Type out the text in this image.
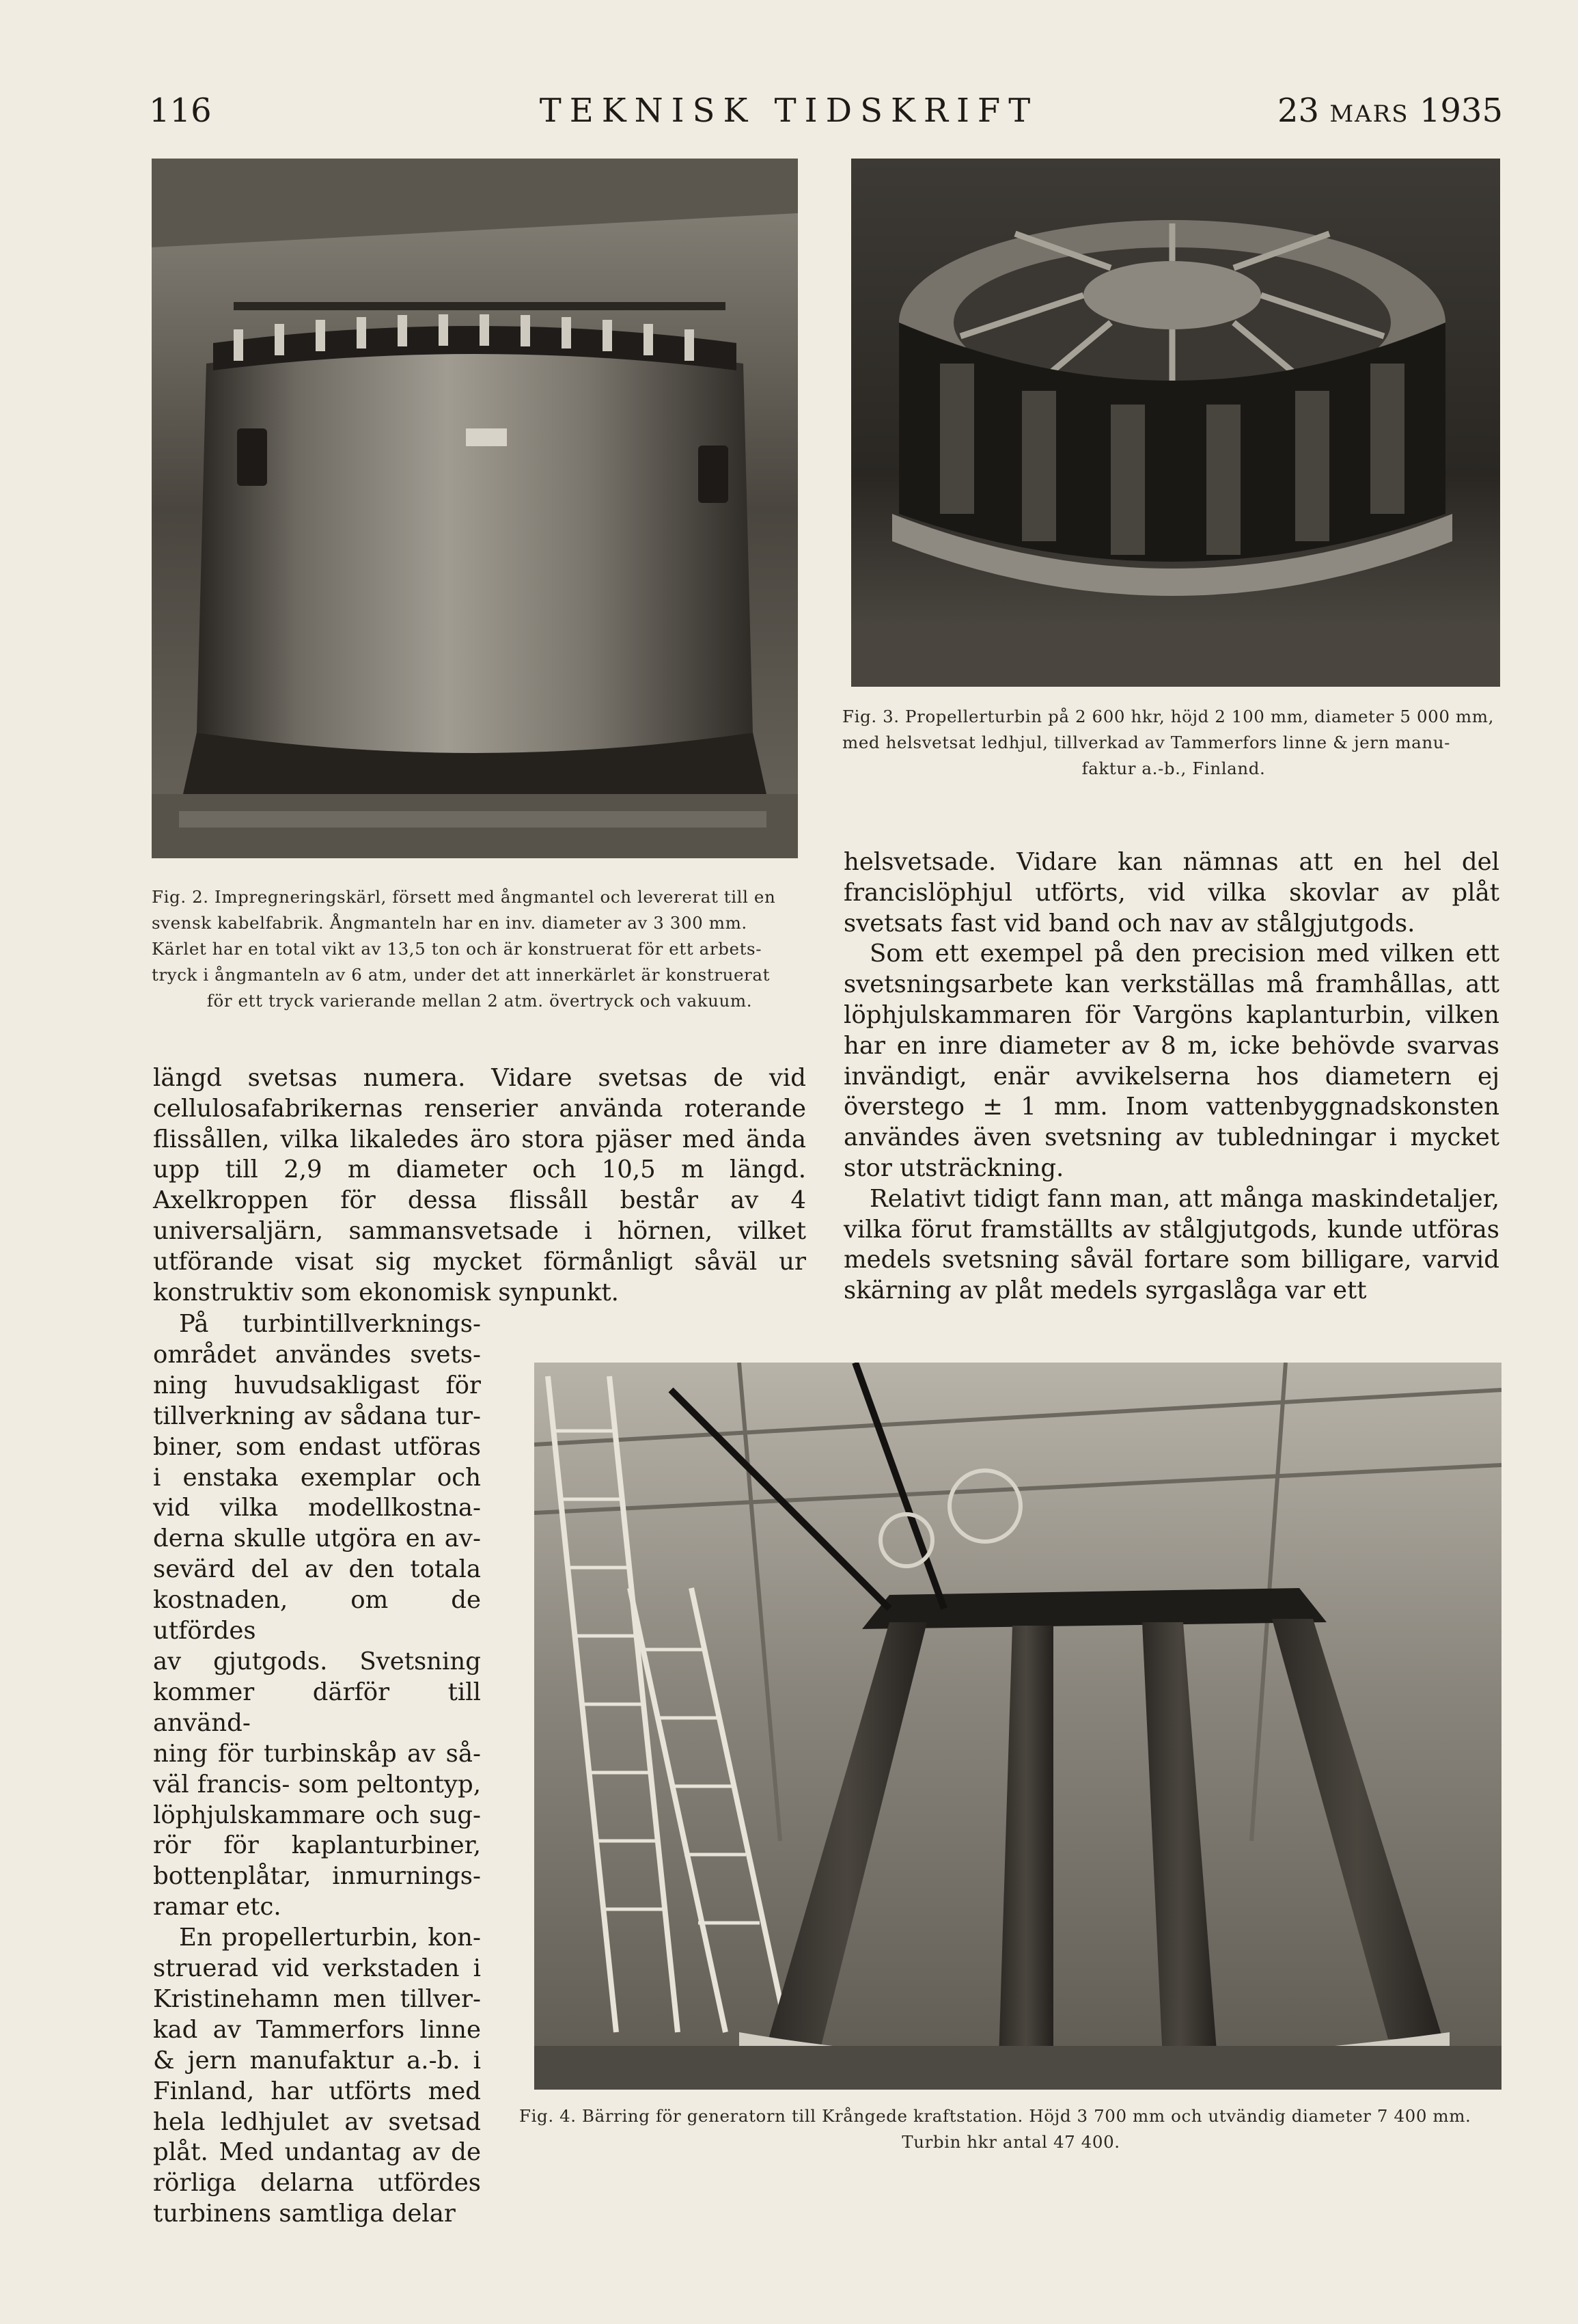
116	TEKNISK TIDSKRIFT	23 MARS 1935
Fig. 2. Impregneringskärl, försett med ångmantel och levererat till en
svensk kabelfabrik. Ångmanteln har en inv. diameter av 3 300 mm.
Kärlet har en total vikt av 13,5 ton och är konstruerat för ett arbets-
tryck i ångmanteln av 6 atm, under det att innerkärlet är konstruerat
för ett tryck varierande mellan 2 atm. övertryck och vakuum.
Fig. 3. Propellerturbin på 2 600 hkr, höjd 2 100 mm, diameter 5 000 mm,
med helsvetsat ledhjul, tillverkad av Tammerfors linne & jern manu-
faktur a.-b., Finland.

helsvetsade. Vidare kan nämnas att en hel del francislöphjul utförts, vid vilka skovlar av plåt svetsats fast vid band och nav av stålgjutgods.

Som ett exempel på den precision med vilken ett svetsningsarbete kan verkställas må framhållas, att löphjulskammaren för Vargöns kaplanturbin, vilken har en inre diameter av 8 m, icke behövde svarvas invändigt, enär avvikelserna hos diametern ej överstego ± 1 mm. Inom vattenbyggnadskonsten användes även svetsning av tubledningar i mycket stor utsträckning.

Relativt tidigt fann man, att många maskindetaljer, vilka förut framställts av stålgjutgods, kunde utföras medels svetsning såväl fortare som billigare, varvid skärning av plåt medels syrgaslåga var ett

längd svetsas numera. Vidare svetsas de vid cellulosafabrikernas renserier använda roterande flissållen, vilka likaledes äro stora pjäser med ända upp till 2,9 m diameter och 10,5 m längd. Axelkroppen för dessa flissåll består av 4 universaljärn, sammansvetsade i hörnen, vilket utförande visat sig mycket förmånligt såväl ur konstruktiv som ekonomisk synpunkt.

På turbintillverknings-
området användes svets-
ning huvudsakligast för
tillverkning av sådana tur-
biner, som endast utföras
i enstaka exemplar och
vid vilka modellkostna-
derna skulle utgöra en av-
sevärd del av den totala
kostnaden, om de utfördes
av gjutgods. Svetsning
kommer därför till använd-
ning för turbinskåp av så-
väl francis- som peltontyp,
löphjulskammare och sug-
rör för kaplanturbiner,
bottenplåtar, inmurnings-
ramar etc.
En propellerturbin, kon-
struerad vid verkstaden i
Kristinehamn men tillver-
kad av Tammerfors linne
& jern manufaktur a.-b. i
Finland, har utförts med
hela ledhjulet av svetsad
plåt. Med undantag av de
rörliga delarna utfördes
turbinens samtliga delar
Fig. 4. Bärring för generatorn till Krångede kraftstation. Höjd 3 700 mm och utvändig diameter 7 400 mm.
Turbin hkr antal 47 400.
